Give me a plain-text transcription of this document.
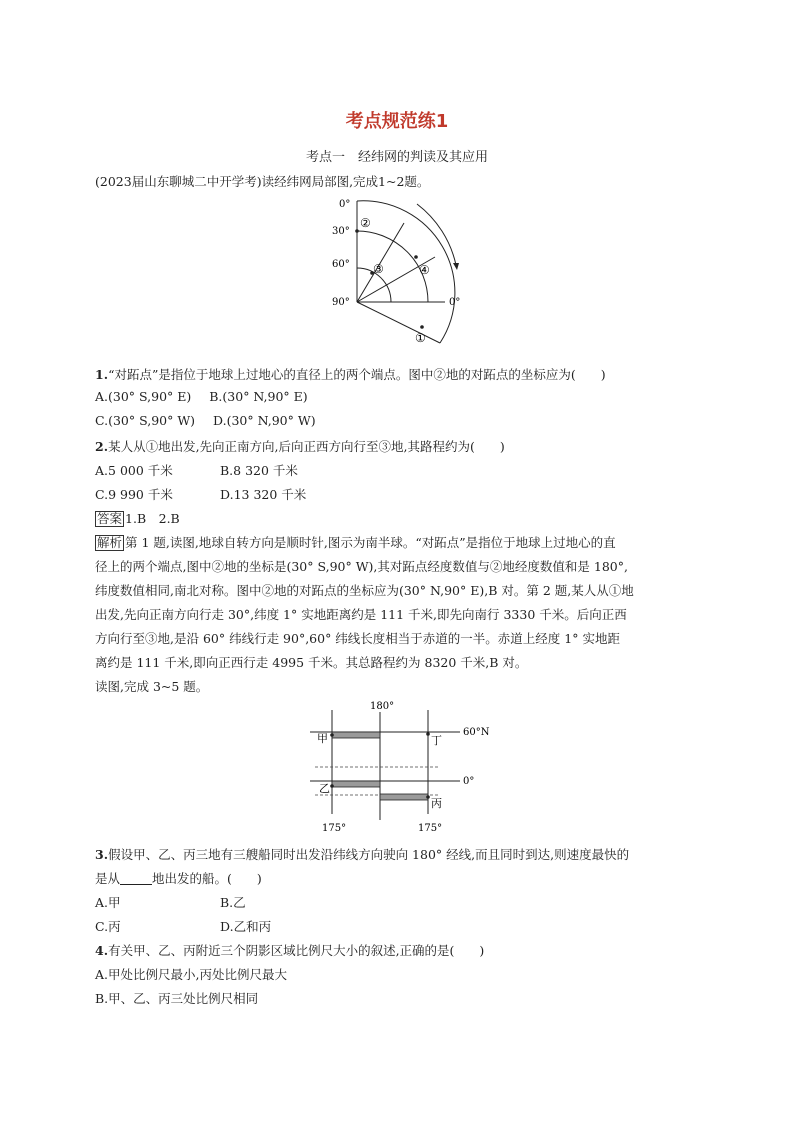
考点规范练1
考点一　经纬网的判读及其应用
(2023届山东聊城二中开学考)读经纬网局部图,完成1~2题。
0°
30°
60°
90°	0°
②
③	④
①
1.“对跖点”是指位于地球上过地心的直径上的两个端点。图中②地的对跖点的坐标应为(　　)
A.(30° S,90° E) B.(30° N,90° E)
C.(30° S,90° W) D.(30° N,90° W)
2.某人从①地出发,先向正南方向,后向正西方向行至③地,其路程约为(　　)
A.5 000 千米	B.8 320 千米
C.9 990 千米	D.13 320 千米
答案 1.B　2.B
解析 第 1 题,读图,地球自转方向是顺时针,图示为南半球。“对跖点”是指位于地球上过地心的直
径上的两个端点,图中②地的坐标是(30° S,90° W),其对跖点经度数值与②地经度数值和是 180°,
纬度数值相同,南北对称。图中②地的对跖点的坐标应为(30° N,90° E),B 对。第 2 题,某人从①地
出发,先向正南方向行走 30°,纬度 1° 实地距离约是 111 千米,即先向南行 3330 千米。后向正西
方向行至③地,是沿 60° 纬线行走 90°,60° 纬线长度相当于赤道的一半。赤道上经度 1° 实地距
离约是 111 千米,即向正西行走 4995 千米。其总路程约为 8320 千米,B 对。
读图,完成 3~5 题。
180°
60°N
0°
175°	175°
甲	丁
乙
丙
3.假设甲、乙、丙三地有三艘船同时出发沿纬线方向驶向 180° 经线,而且同时到达,则速度最快的
是从	地出发的船。(　　)
A.甲	B.乙
C.丙	D.乙和丙
4.有关甲、乙、丙附近三个阴影区域比例尺大小的叙述,正确的是(　　)
A.甲处比例尺最小,丙处比例尺最大
B.甲、乙、丙三处比例尺相同
